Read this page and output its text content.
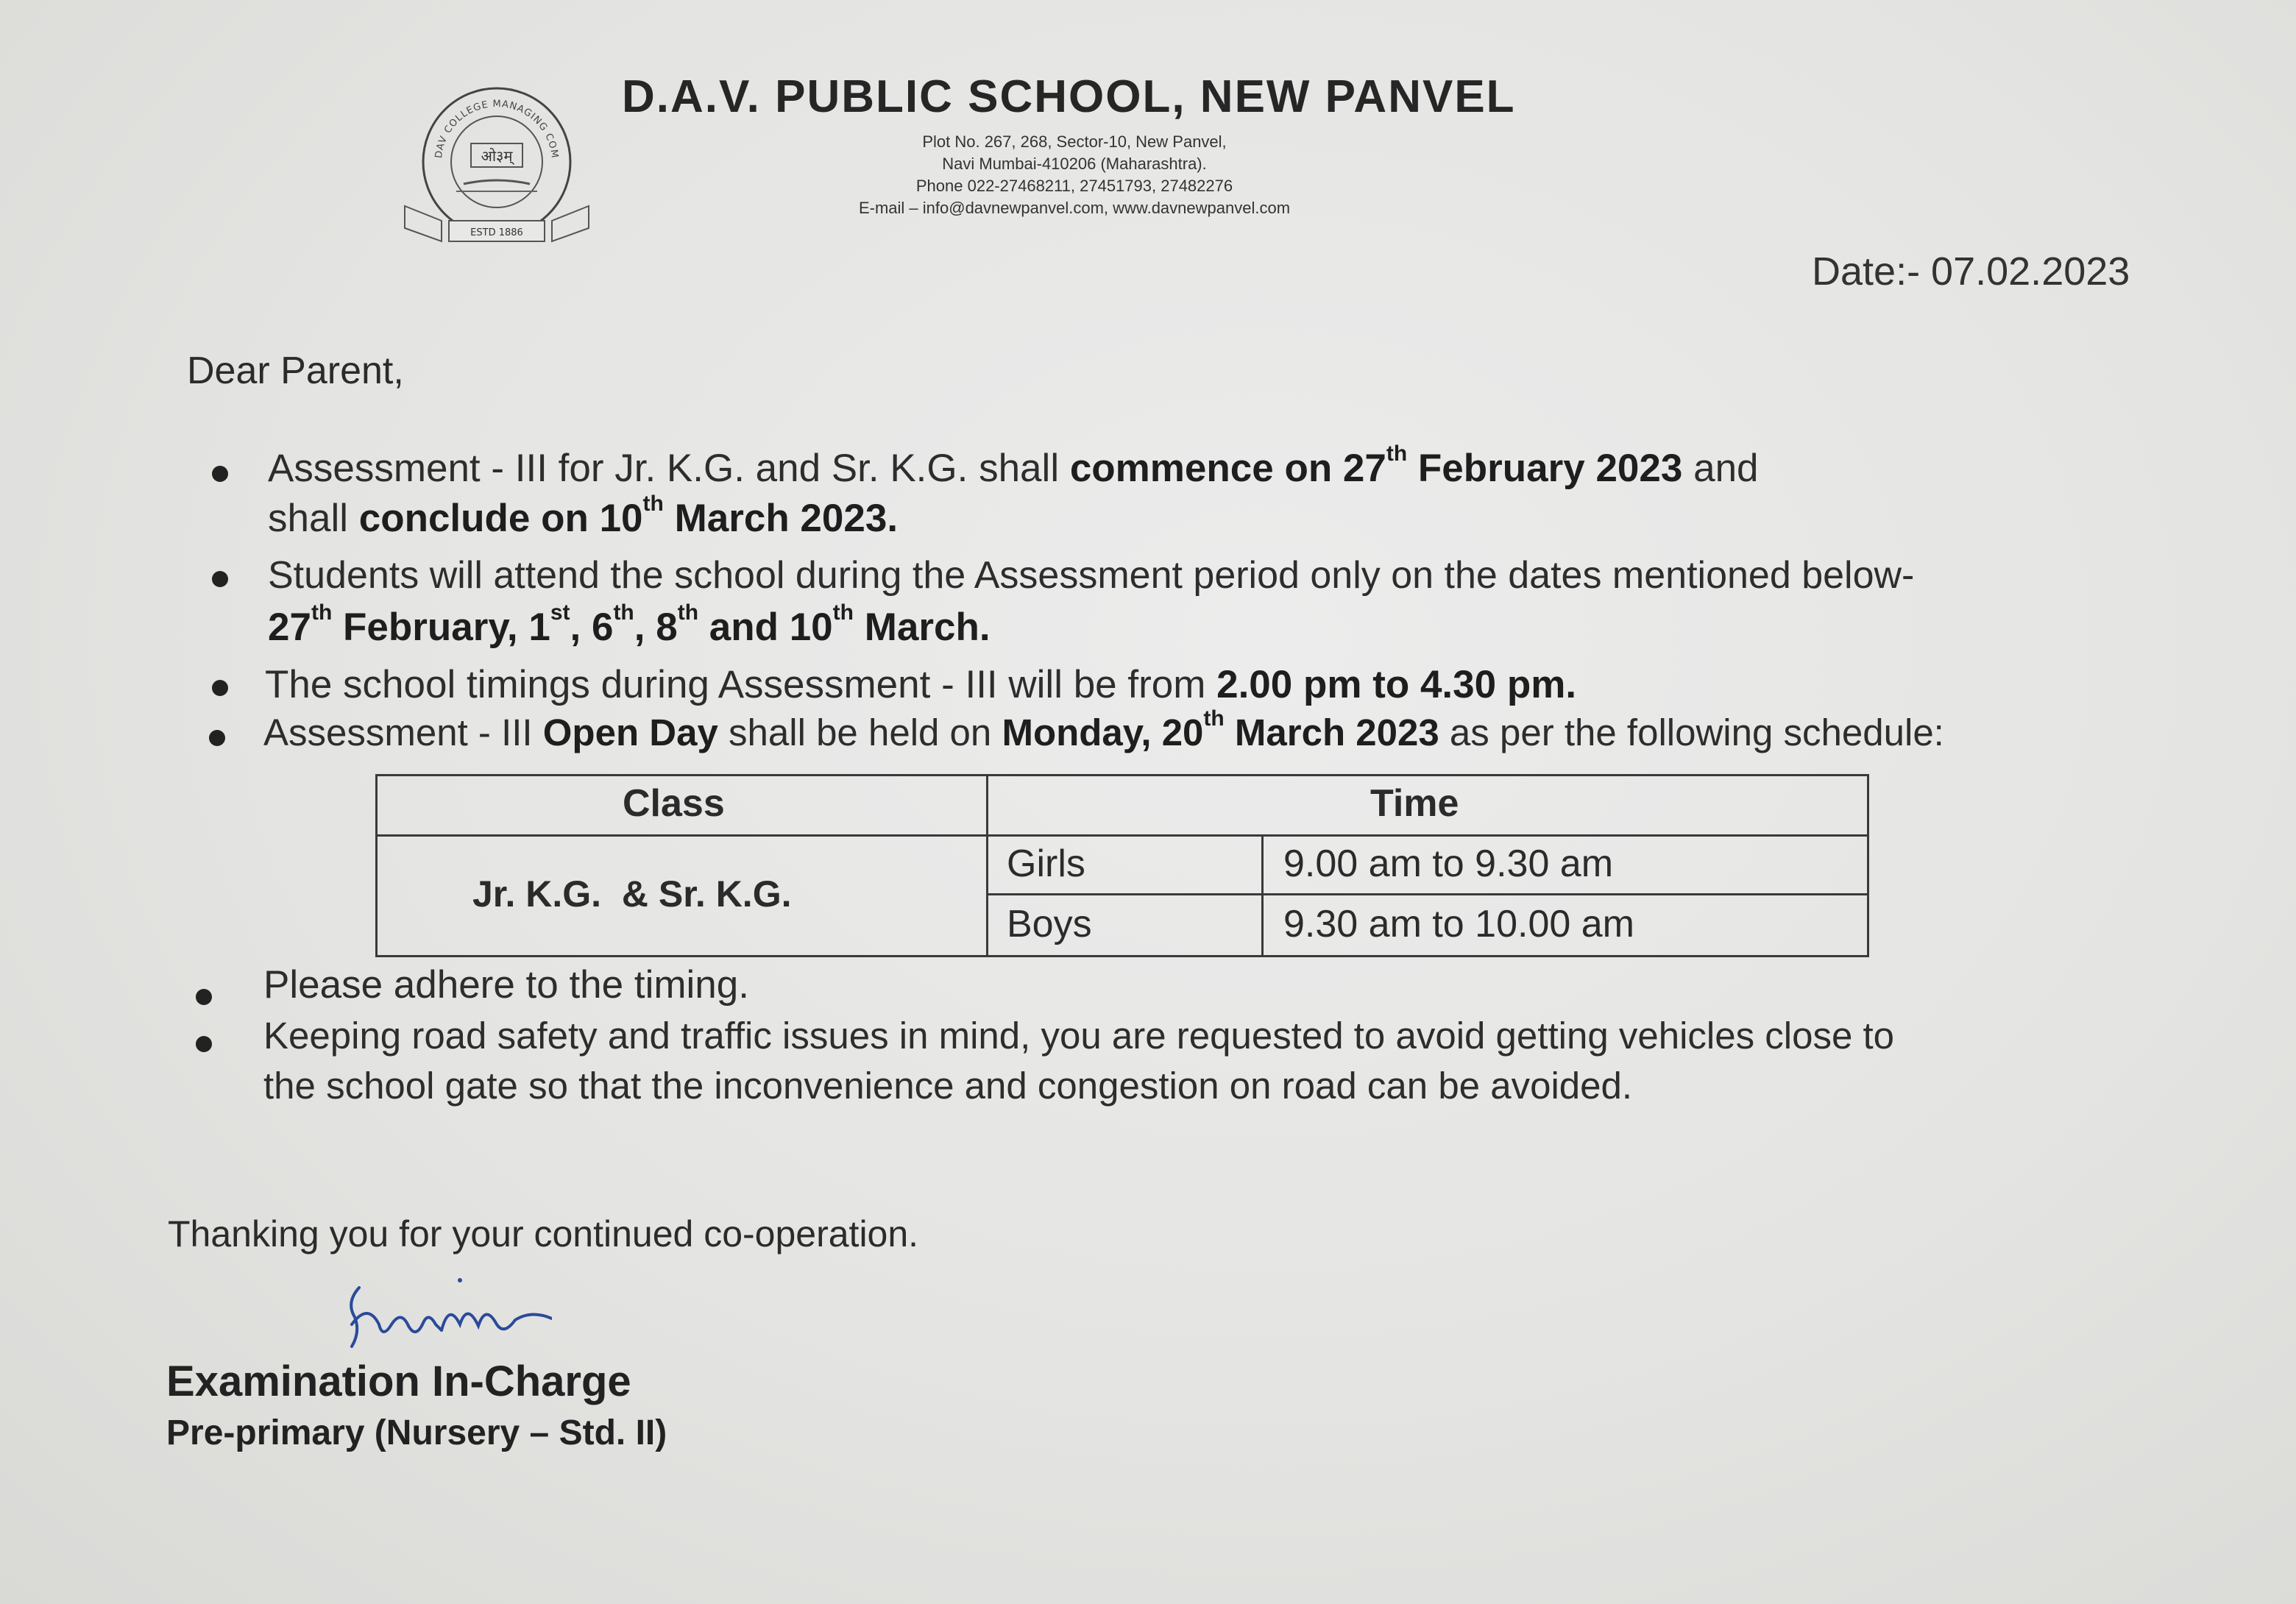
DAV COLLEGE MANAGING COM
ओ३म्
ESTD 1886
D.A.V. PUBLIC SCHOOL, NEW PANVEL
Plot No. 267, 268, Sector-10, New Panvel,
Navi Mumbai-410206 (Maharashtra).
Phone 022-27468211, 27451793, 27482276
E-mail – info@davnewpanvel.com, www.davnewpanvel.com
Date:- 07.02.2023
Dear Parent,
Assessment - III for Jr. K.G. and Sr. K.G. shall commence on 27th February 2023 and
shall conclude on 10th March 2023.
Students will attend the school during the Assessment period only on the dates mentioned below-
27th February, 1st, 6th, 8th and 10th March.
The school timings during Assessment - III will be from 2.00 pm to 4.30 pm.
Assessment - III Open Day shall be held on Monday, 20th March 2023 as per the following schedule:
Class	Time
Jr. K.G.  & Sr. K.G.
Girls	9.00 am to 9.30 am
Boys	9.30 am to 10.00 am
Please adhere to the timing.
Keeping road safety and traffic issues in mind, you are requested to avoid getting vehicles close to
the school gate so that the inconvenience and congestion on road can be avoided.
Thanking you for your continued co-operation.
Examination In-Charge
Pre-primary (Nursery – Std. II)
